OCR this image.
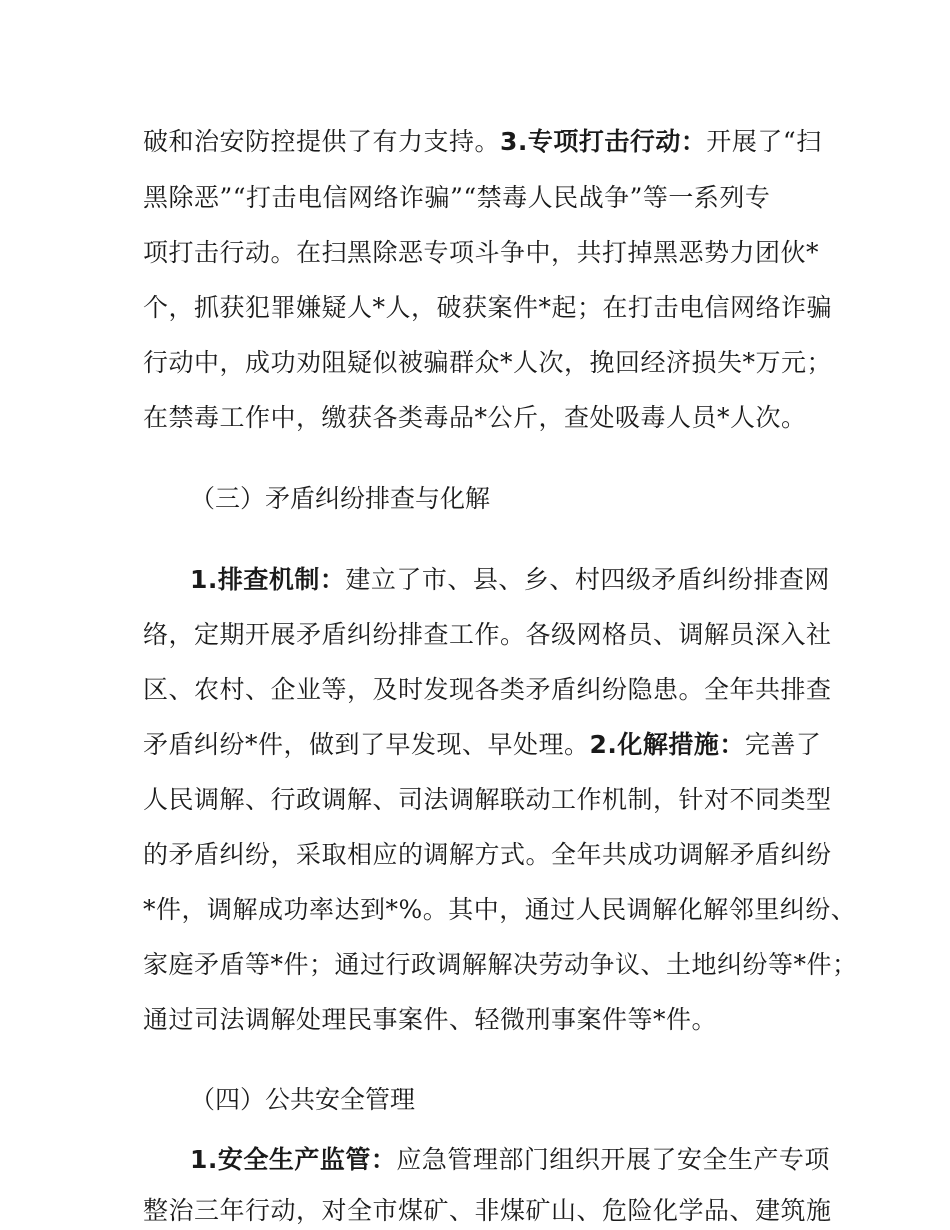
破和治安防控提供了有力支持。3.专项打击行动：开展了“扫
黑除恶”“打击电信网络诈骗”“禁毒人民战争”等一系列专
项打击行动。在扫黑除恶专项斗争中，共打掉黑恶势力团伙*
个，抓获犯罪嫌疑人*人，破获案件*起；在打击电信网络诈骗
行动中，成功劝阻疑似被骗群众*人次，挽回经济损失*万元；
在禁毒工作中，缴获各类毒品*公斤，查处吸毒人员*人次。
（三）矛盾纠纷排查与化解
1.排查机制：建立了市、县、乡、村四级矛盾纠纷排查网
络，定期开展矛盾纠纷排查工作。各级网格员、调解员深入社
区、农村、企业等，及时发现各类矛盾纠纷隐患。全年共排查
矛盾纠纷*件，做到了早发现、早处理。2.化解措施：完善了
人民调解、行政调解、司法调解联动工作机制，针对不同类型
的矛盾纠纷，采取相应的调解方式。全年共成功调解矛盾纠纷
*件，调解成功率达到*%。其中，通过人民调解化解邻里纠纷、
家庭矛盾等*件；通过行政调解解决劳动争议、土地纠纷等*件；
通过司法调解处理民事案件、轻微刑事案件等*件。
（四）公共安全管理
1.安全生产监管：应急管理部门组织开展了安全生产专项
整治三年行动，对全市煤矿、非煤矿山、危险化学品、建筑施
